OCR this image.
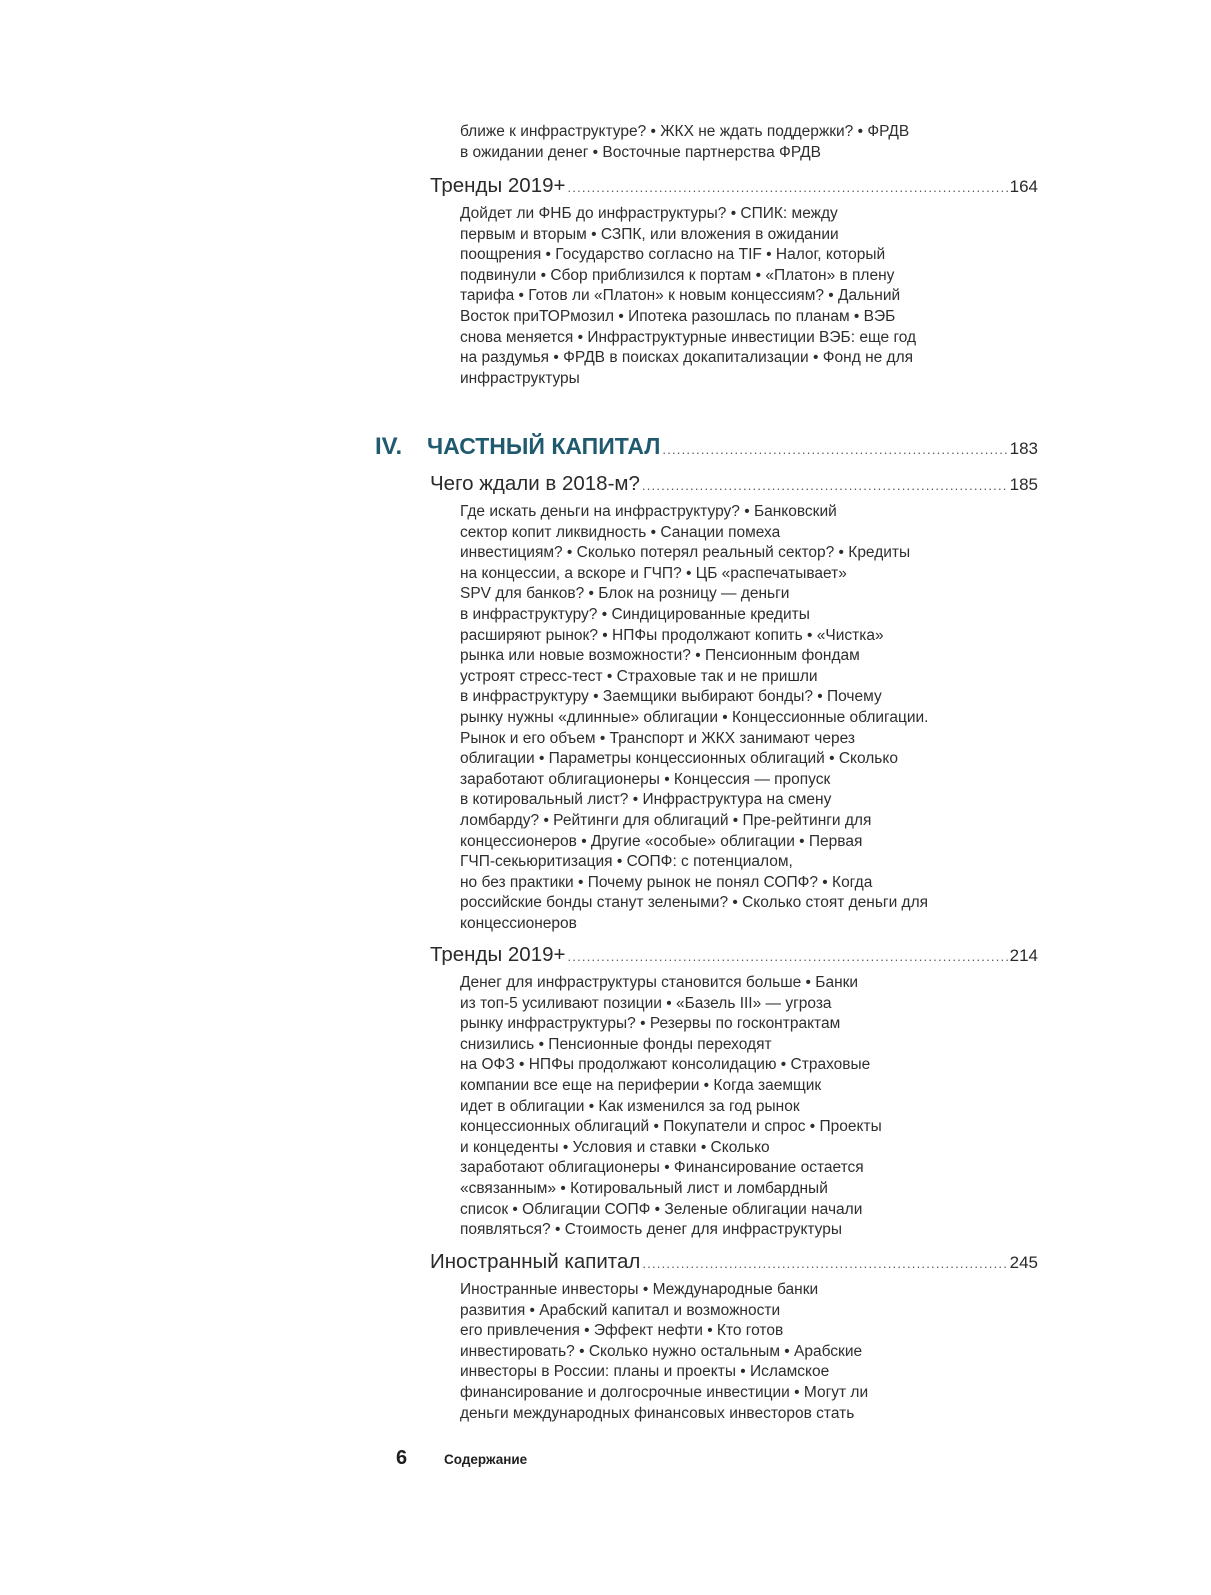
ближе к инфраструктуре? • ЖКХ не ждать поддержки? • ФРДВ
в ожидании денег • Восточные партнерства ФРДВ

Тренды 2019+ .....	164

Дойдет ли ФНБ до инфраструктуры? • СПИК: между
первым и вторым • СЗПК, или вложения в ожидании
поощрения • Государство согласно на TIF • Налог, который
подвинули • Сбор приблизился к портам • «Платон» в плену
тарифа • Готов ли «Платон» к новым концессиям? • Дальний
Восток приТОРмозил • Ипотека разошлась по планам • ВЭБ
снова меняется • Инфраструктурные инвестиции ВЭБ: еще год
на раздумья • ФРДВ в поисках докапитализации • Фонд не для
инфраструктуры

IV.	ЧАСТНЫЙ КАПИТАЛ .....	183
Чего ждали в 2018-м? .....	185

Где искать деньги на инфраструктуру? • Банковский
сектор копит ликвидность • Санации помеха
инвестициям? • Сколько потерял реальный сектор? • Кредиты
на концессии, а вскоре и ГЧП? • ЦБ «распечатывает»
SPV для банков? • Блок на розницу — деньги
в инфраструктуру? • Синдицированные кредиты
расширяют рынок? • НПФы продолжают копить • «Чистка»
рынка или новые возможности? • Пенсионным фондам
устроят стресс-тест • Страховые так и не пришли
в инфраструктуру • Заемщики выбирают бонды? • Почему
рынку нужны «длинные» облигации • Концессионные облигации.
Рынок и его объем • Транспорт и ЖКХ занимают через
облигации • Параметры концессионных облигаций • Сколько
заработают облигационеры • Концессия — пропуск
в котировальный лист? • Инфраструктура на смену
ломбарду? • Рейтинги для облигаций • Пре-рейтинги для
концессионеров • Другие «особые» облигации • Первая
ГЧП-секьюритизация • СОПФ: с потенциалом,
но без практики • Почему рынок не понял СОПФ? • Когда
российские бонды станут зелеными? • Сколько стоят деньги для
концессионеров

Тренды 2019+ .....	214

Денег для инфраструктуры становится больше • Банки
из топ-5 усиливают позиции • «Базель III» — угроза
рынку инфраструктуры? • Резервы по госконтрактам
снизились • Пенсионные фонды переходят
на ОФЗ • НПФы продолжают консолидацию • Страховые
компании все еще на периферии • Когда заемщик
идет в облигации • Как изменился за год рынок
концессионных облигаций • Покупатели и спрос • Проекты
и концеденты • Условия и ставки • Сколько
заработают облигационеры • Финансирование остается
«связанным» • Котировальный лист и ломбардный
список • Облигации СОПФ • Зеленые облигации начали
появляться? • Стоимость денег для инфраструктуры

Иностранный капитал .....	245

Иностранные инвесторы • Международные банки
развития • Арабский капитал и возможности
его привлечения • Эффект нефти • Кто готов
инвестировать? • Сколько нужно остальным • Арабские
инвесторы в России: планы и проекты • Исламское
финансирование и долгосрочные инвестиции • Могут ли
деньги международных финансовых инвесторов стать

6	Содержание
